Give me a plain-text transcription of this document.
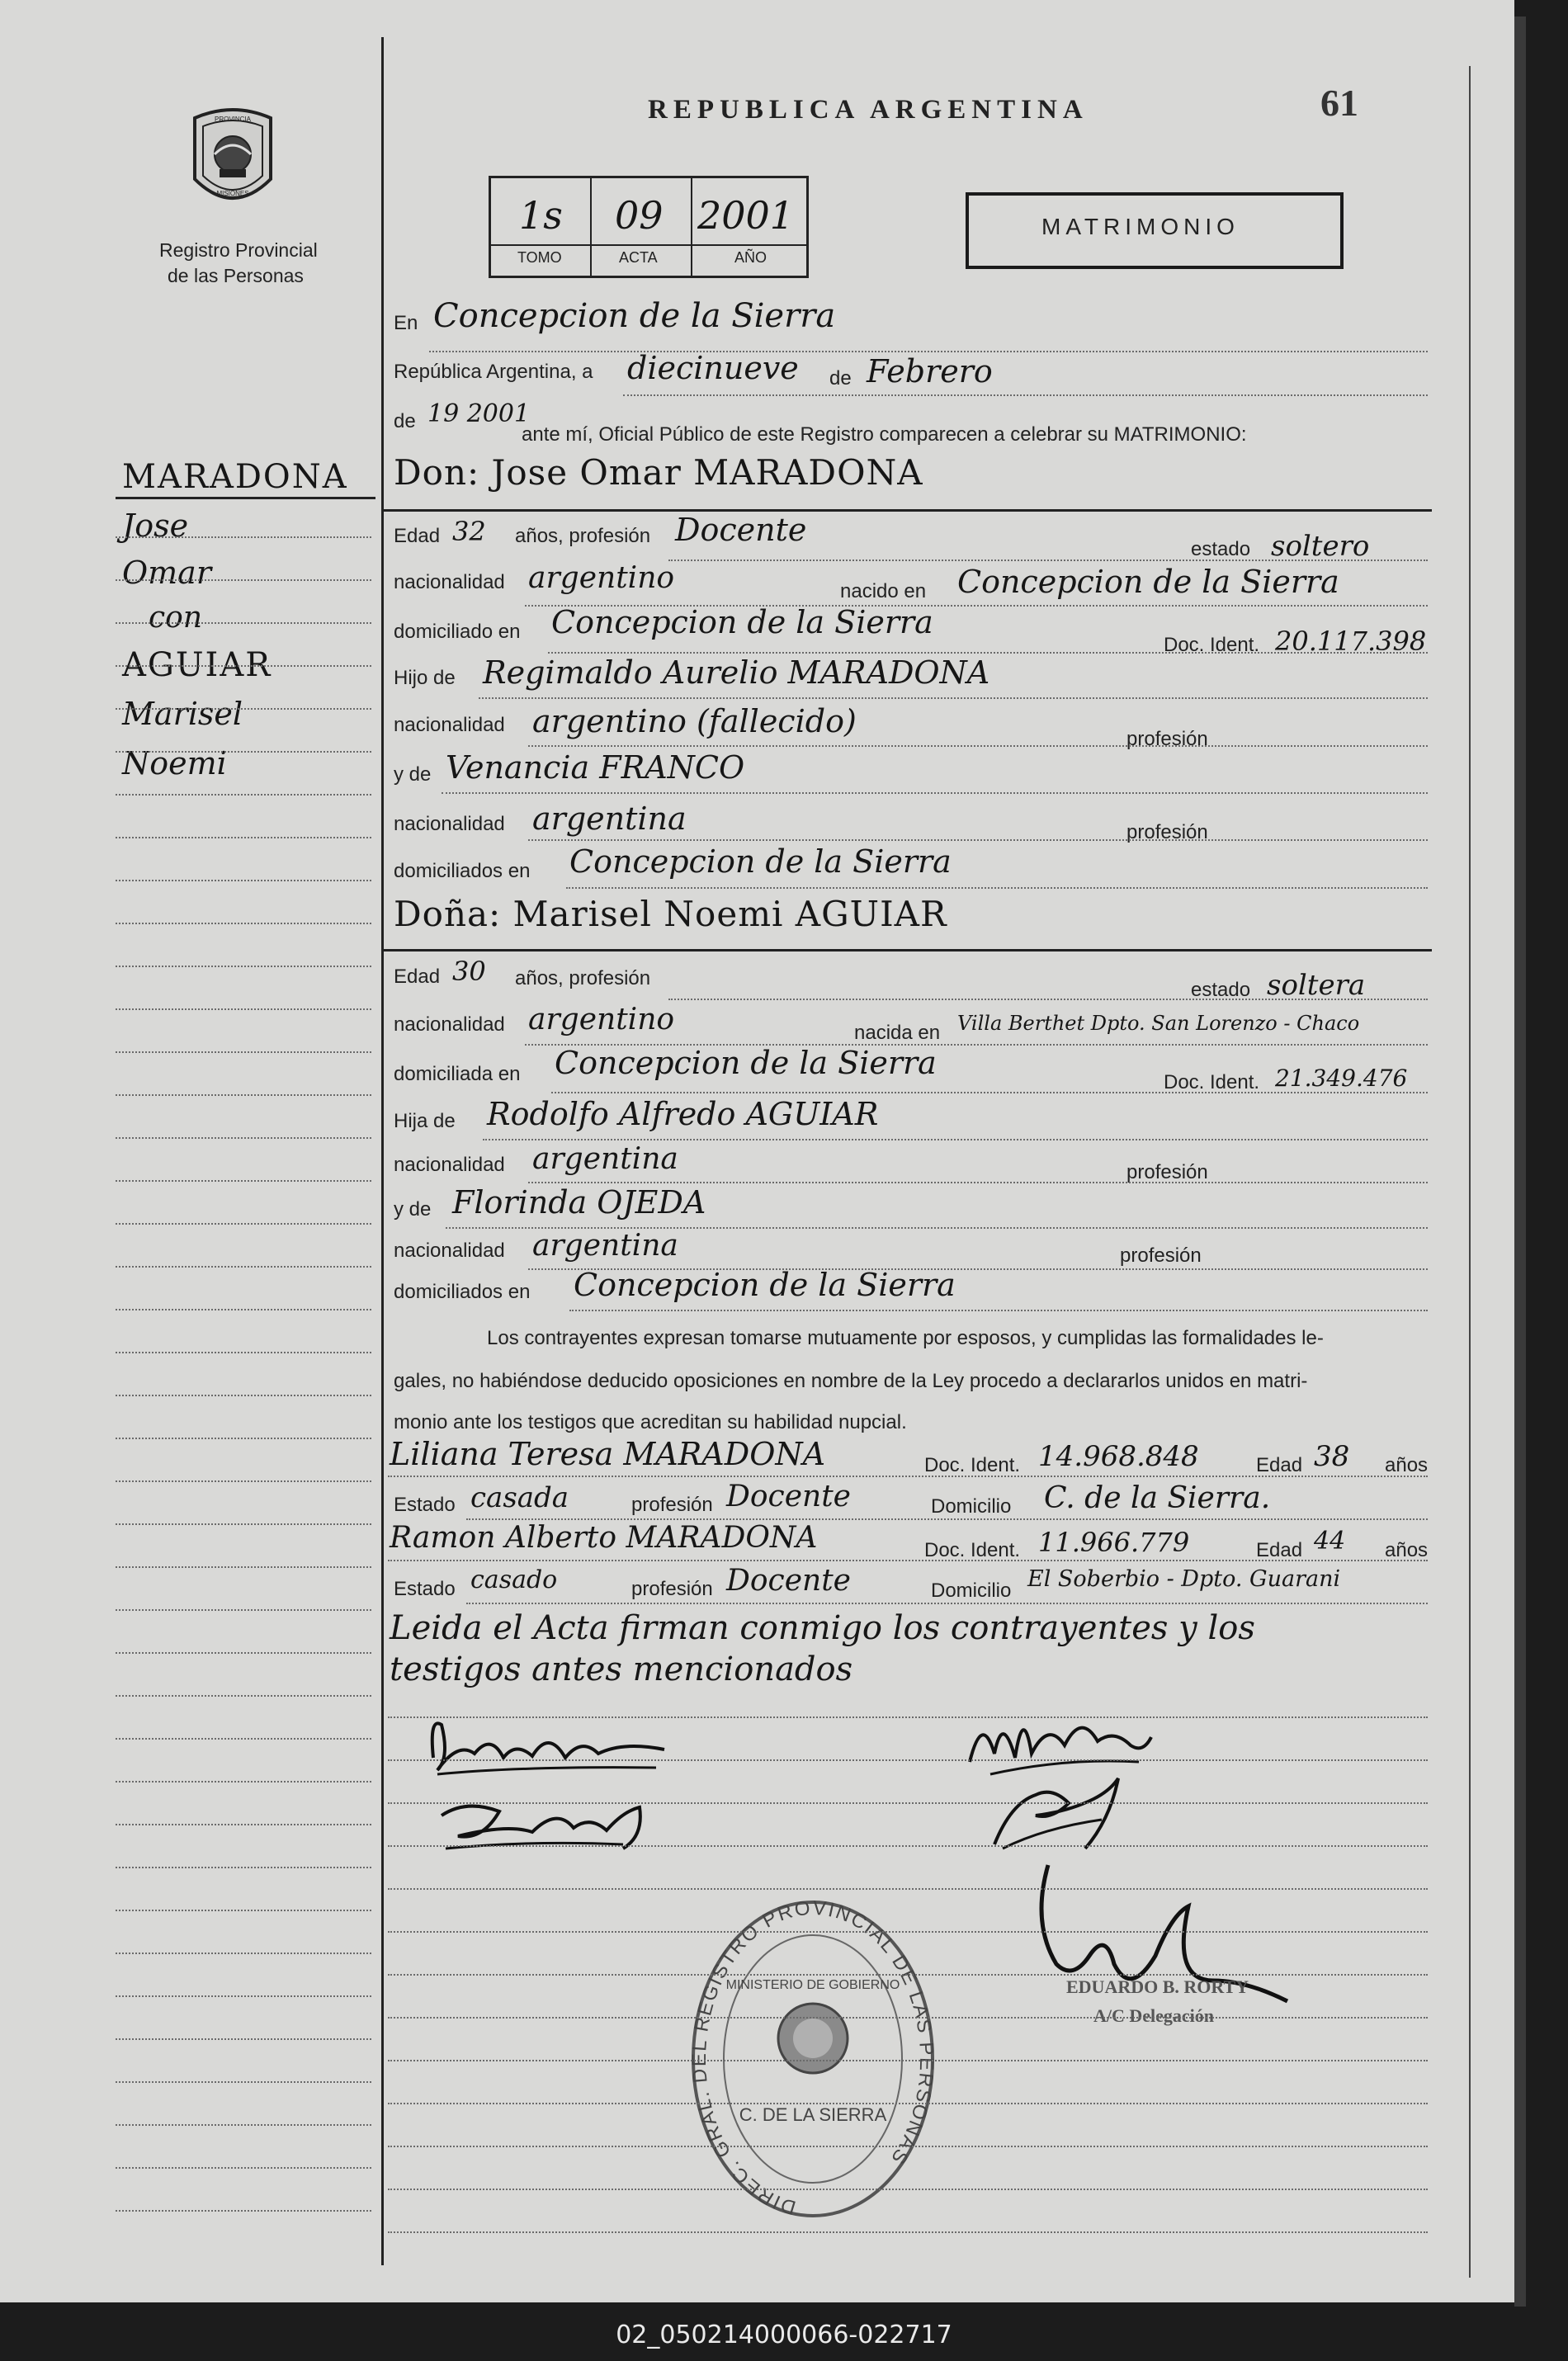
PROVINCIA
MISIONES
Registro Provincial
de las Personas
REPUBLICA ARGENTINA	61
1s 09 2001
TOMO	ACTA	AÑO
MATRIMONIO
MARADONA
Jose
Omar
con
AGUIAR
Marisel
Noemi
En Concepcion de la Sierra
República Argentina, a diecinueve de Febrero
de 19 2001
ante mí, Oficial Público de este Registro comparecen a celebrar su MATRIMONIO:
Don: Jose Omar MARADONA
Edad 32 años, profesión Docente
estado soltero
nacionalidad argentino	nacido en Concepcion de la Sierra
domiciliado en Concepcion de la Sierra
Doc. Ident. 20.117.398
Hijo de Regimaldo Aurelio MARADONA
nacionalidad argentino (fallecido)	profesión
y de Venancia FRANCO
nacionalidad argentina	profesión
domiciliados en Concepcion de la Sierra
Doña: Marisel Noemi AGUIAR
Edad 30 años, profesión
estado soltera
nacionalidad argentino	nacida en Villa Berthet Dpto. San Lorenzo - Chaco
domiciliada en Concepcion de la Sierra
Doc. Ident. 21.349.476
Hija de Rodolfo Alfredo AGUIAR
nacionalidad argentina	profesión
y de Florinda OJEDA
nacionalidad argentina	profesión
domiciliados en Concepcion de la Sierra
Los contrayentes expresan tomarse mutuamente por esposos, y cumplidas las formalidades le-
gales, no habiéndose deducido oposiciones en nombre de la Ley procedo a declararlos unidos en matri-
monio ante los testigos que acreditan su habilidad nupcial.
Liliana Teresa MARADONA	Doc. Ident. 14.968.848	Edad 38 años
Estado casada	profesión Docente	Domicilio C. de la Sierra.
Ramon Alberto MARADONA	Doc. Ident. 11.966.779	Edad 44 años
Estado casado	profesión Docente	Domicilio El Soberbio - Dpto. Guarani
Leida el Acta firman conmigo los contrayentes y los
testigos antes mencionados
DIREC. GRAL. DEL REGISTRO PROVINCIAL DE LAS PERSONAS
MINISTERIO DE GOBIERNO
C. DE LA SIERRA
EDUARDO B. RORTY
A/C Delegación
02_050214000066-022717
